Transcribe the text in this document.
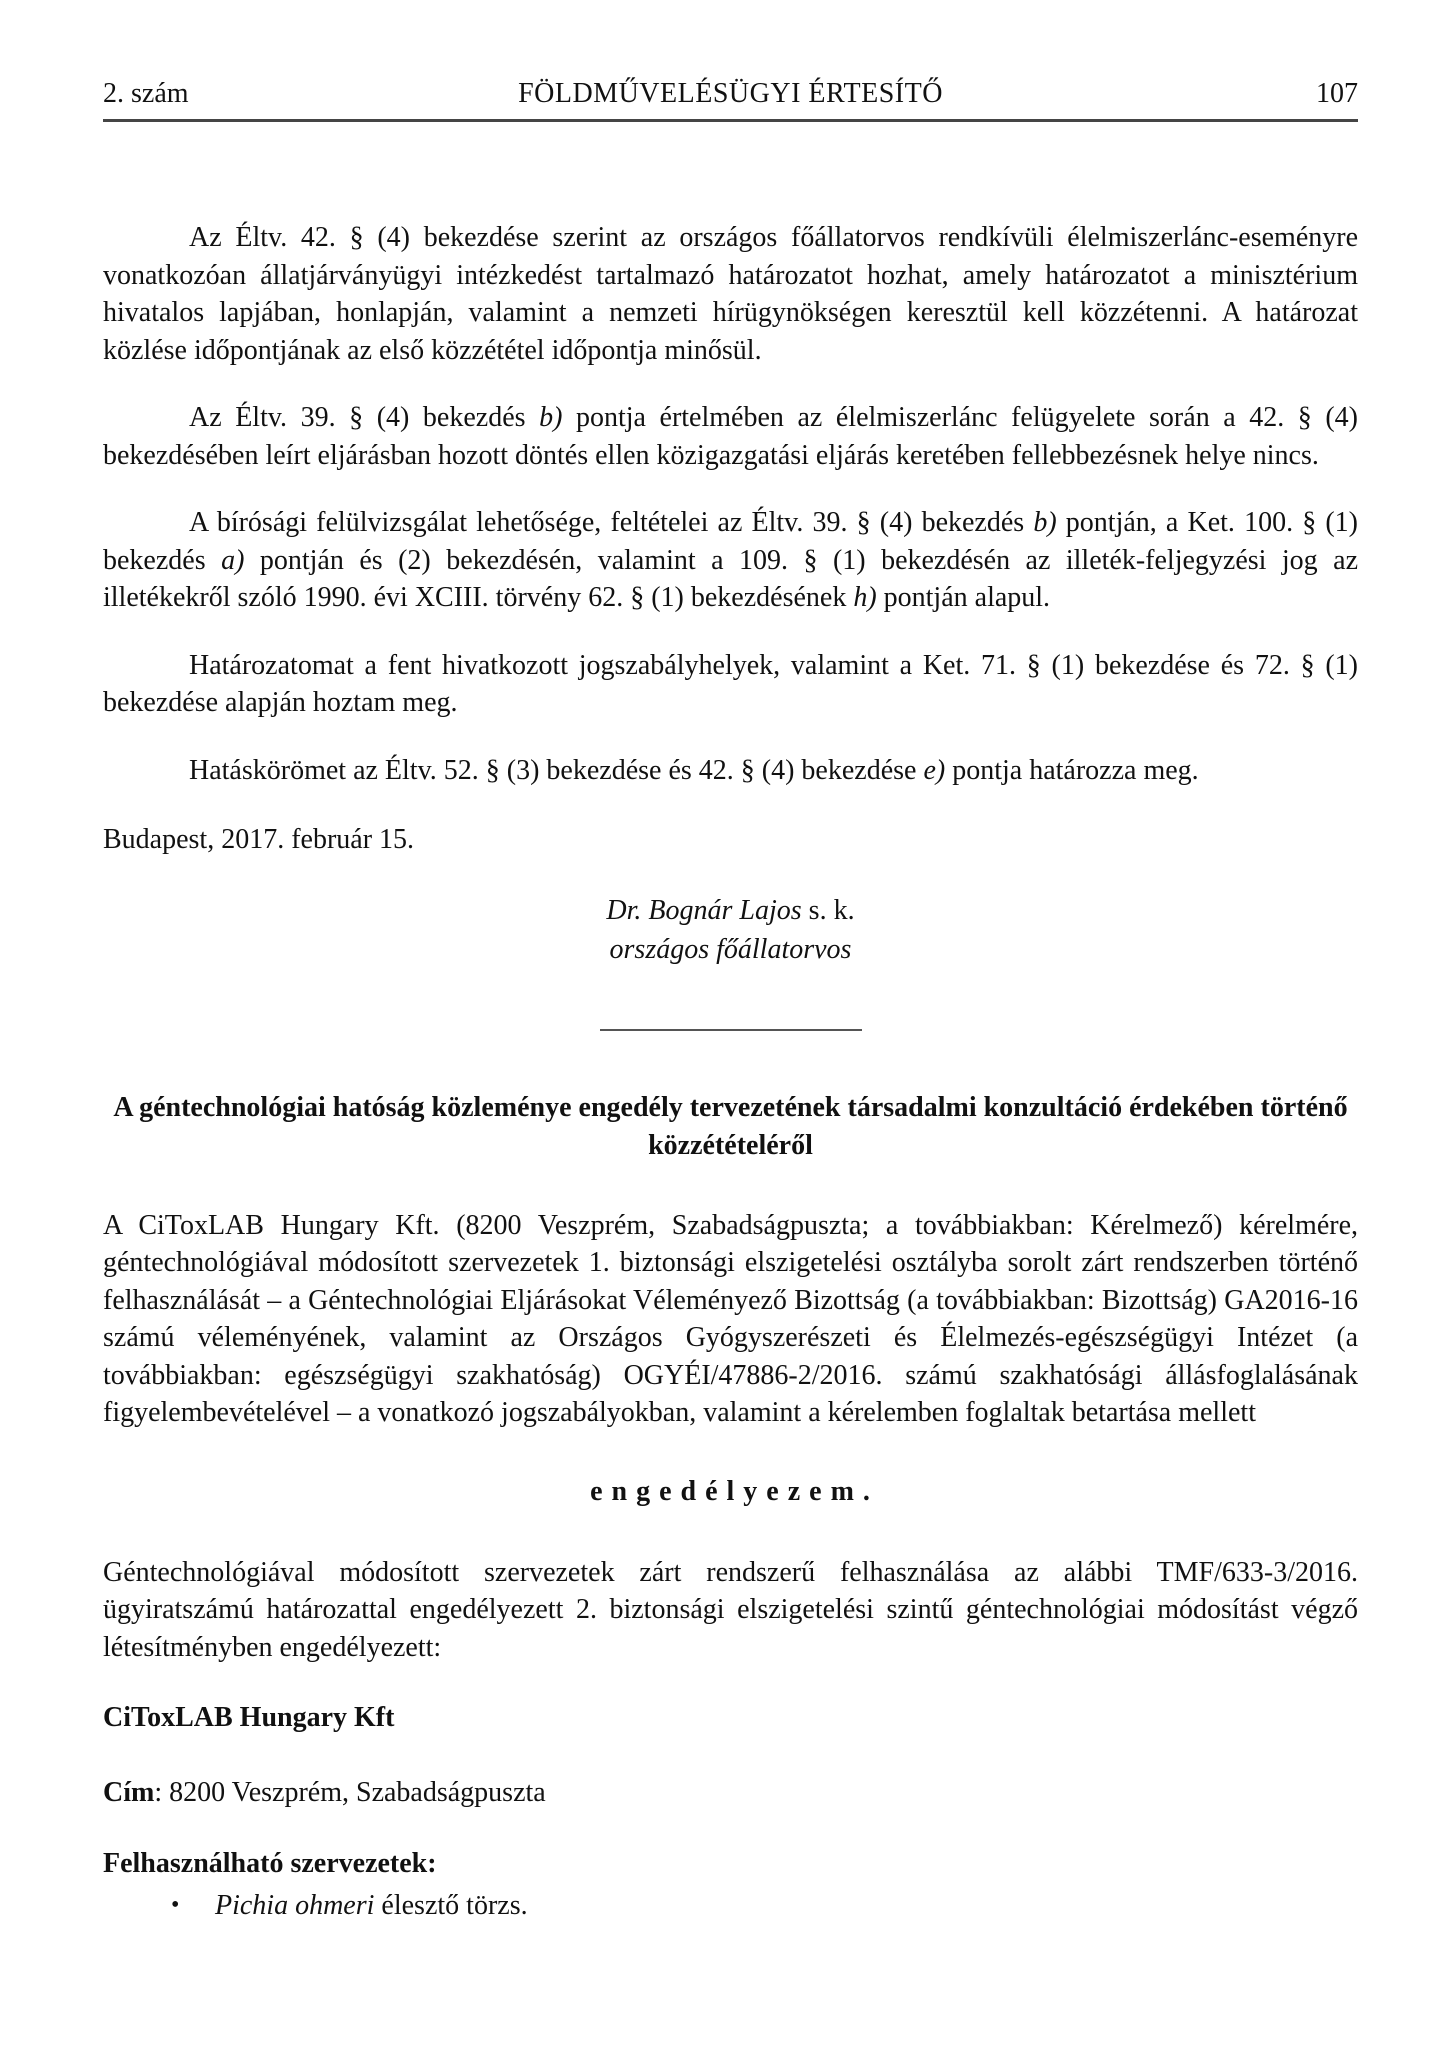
2. szám	FÖLDMŰVELÉSÜGYI ÉRTESÍTŐ	107

Az Éltv. 42. § (4) bekezdése szerint az országos főállatorvos rendkívüli élelmiszerlánc-eseményre vonatkozóan állatjárványügyi intézkedést tartalmazó határozatot hozhat, amely határozatot a minisztérium hivatalos lapjában, honlapján, valamint a nemzeti hírügynökségen keresztül kell közzétenni. A határozat közlése időpontjának az első közzététel időpontja minősül.

Az Éltv. 39. § (4) bekezdés b) pontja értelmében az élelmiszerlánc felügyelete során a 42. § (4) bekezdésében leírt eljárásban hozott döntés ellen közigazgatási eljárás keretében fellebbezésnek helye nincs.

A bírósági felülvizsgálat lehetősége, feltételei az Éltv. 39. § (4) bekezdés b) pontján, a Ket. 100. § (1) bekezdés a) pontján és (2) bekezdésén, valamint a 109. § (1) bekezdésén az illeték-feljegyzési jog az illetékekről szóló 1990. évi XCIII. törvény 62. § (1) bekezdésének h) pontján alapul.

Határozatomat a fent hivatkozott jogszabályhelyek, valamint a Ket. 71. § (1) bekezdése és 72. § (1) bekezdése alapján hoztam meg.

Hatáskörömet az Éltv. 52. § (3) bekezdése és 42. § (4) bekezdése e) pontja határozza meg.

Budapest, 2017. február 15.

Dr. Bognár Lajos s. k.
országos főállatorvos
A géntechnológiai hatóság közleménye engedély tervezetének társadalmi konzultáció érdekében történő közzétételéről

A CiToxLAB Hungary Kft. (8200 Veszprém, Szabadságpuszta; a továbbiakban: Kérelmező) kérelmére, géntechnológiával módosított szervezetek 1. biztonsági elszigetelési osztályba sorolt zárt rendszerben történő felhasználását – a Géntechnológiai Eljárásokat Véleményező Bizottság (a továbbiakban: Bizottság) GA2016-16 számú véleményének, valamint az Országos Gyógyszerészeti és Élelmezés-egészségügyi Intézet (a továbbiakban: egészségügyi szakhatóság) OGYÉI/47886-2/2016. számú szakhatósági állásfoglalásának figyelembevételével – a vonatkozó jogszabályokban, valamint a kérelemben foglaltak betartása mellett

e n g e d é l y e z e m .

Géntechnológiával módosított szervezetek zárt rendszerű felhasználása az alábbi TMF/633-3/2016. ügyiratszámú határozattal engedélyezett 2. biztonsági elszigetelési szintű géntechnológiai módosítást végző létesítményben engedélyezett:

CiToxLAB Hungary Kft

Cím: 8200 Veszprém, Szabadságpuszta

Felhasználható szervezetek:

•	Pichia ohmeri élesztő törzs.
